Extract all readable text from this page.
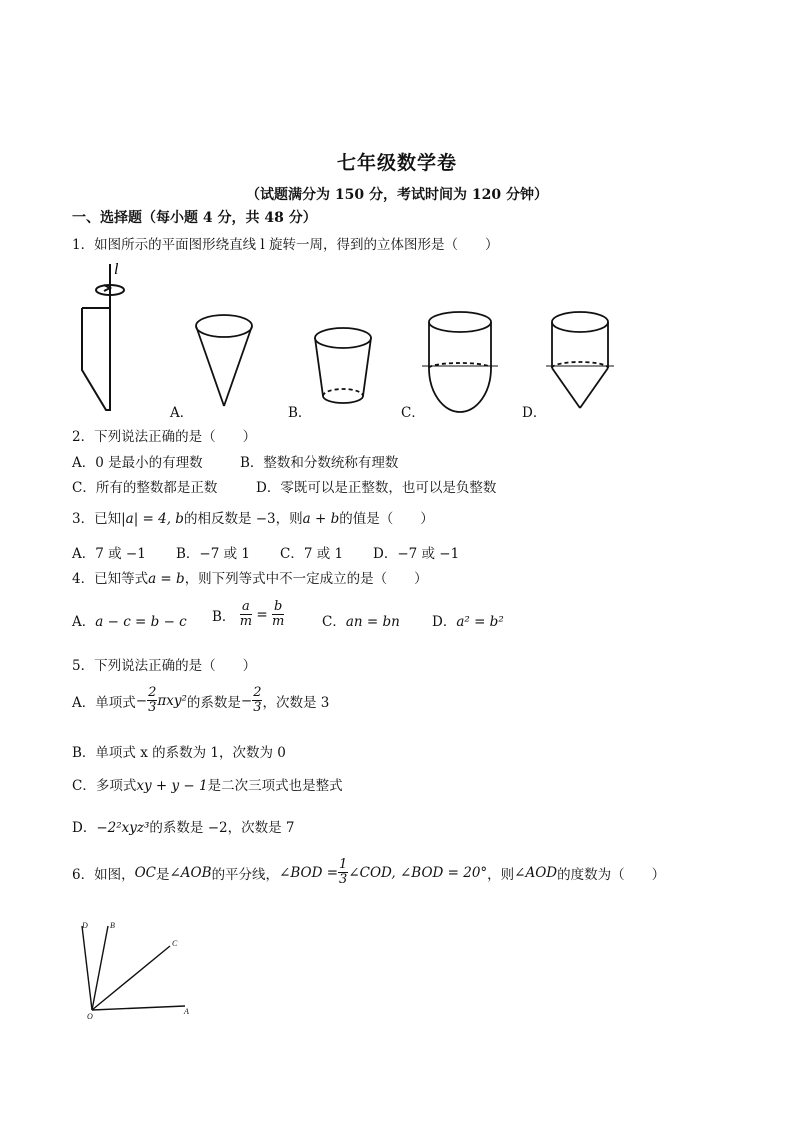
七年级数学卷
（试题满分为 150 分，考试时间为 120 分钟）
一、选择题（每小题 4 分，共 48 分）
1．如图所示的平面图形绕直线 l 旋转一周，得到的立体图形是（　　）
l
A．	B．	C．	D．
2．下列说法正确的是（　　）
A．0 是最小的有理数	B．整数和分数统称有理数
C．所有的整数都是正数	D．零既可以是正整数，也可以是负整数
3．已知|a| = 4, b的相反数是 −3，则a + b的值是（　　）
A．7 或 −1 B．−7 或 1 C．7 或 1 D．−7 或 −1
4．已知等式a = b，则下列等式中不一定成立的是（　　）
A．a − c = b − c B． $\frac{a}{m} = \frac{b}{m}$	C．an = bn D．a² = b²
5．下列说法正确的是（　　）
A．单项式− $\frac{2}{3} \pi xy^2$的系数是− $\frac{2}{3}$ ，次数是 3
B．单项式 x 的系数为 1，次数为 0
C．多项式xy + y − 1是二次三项式也是整式
D．−2²xyz³的系数是 −2，次数是 7
6．如图，OC是∠AOB的平分线，∠BOD = $\frac{1}{3}$ ∠COD, ∠BOD = 20°，则∠AOD的度数为（　　）
D	B
C
O
A
